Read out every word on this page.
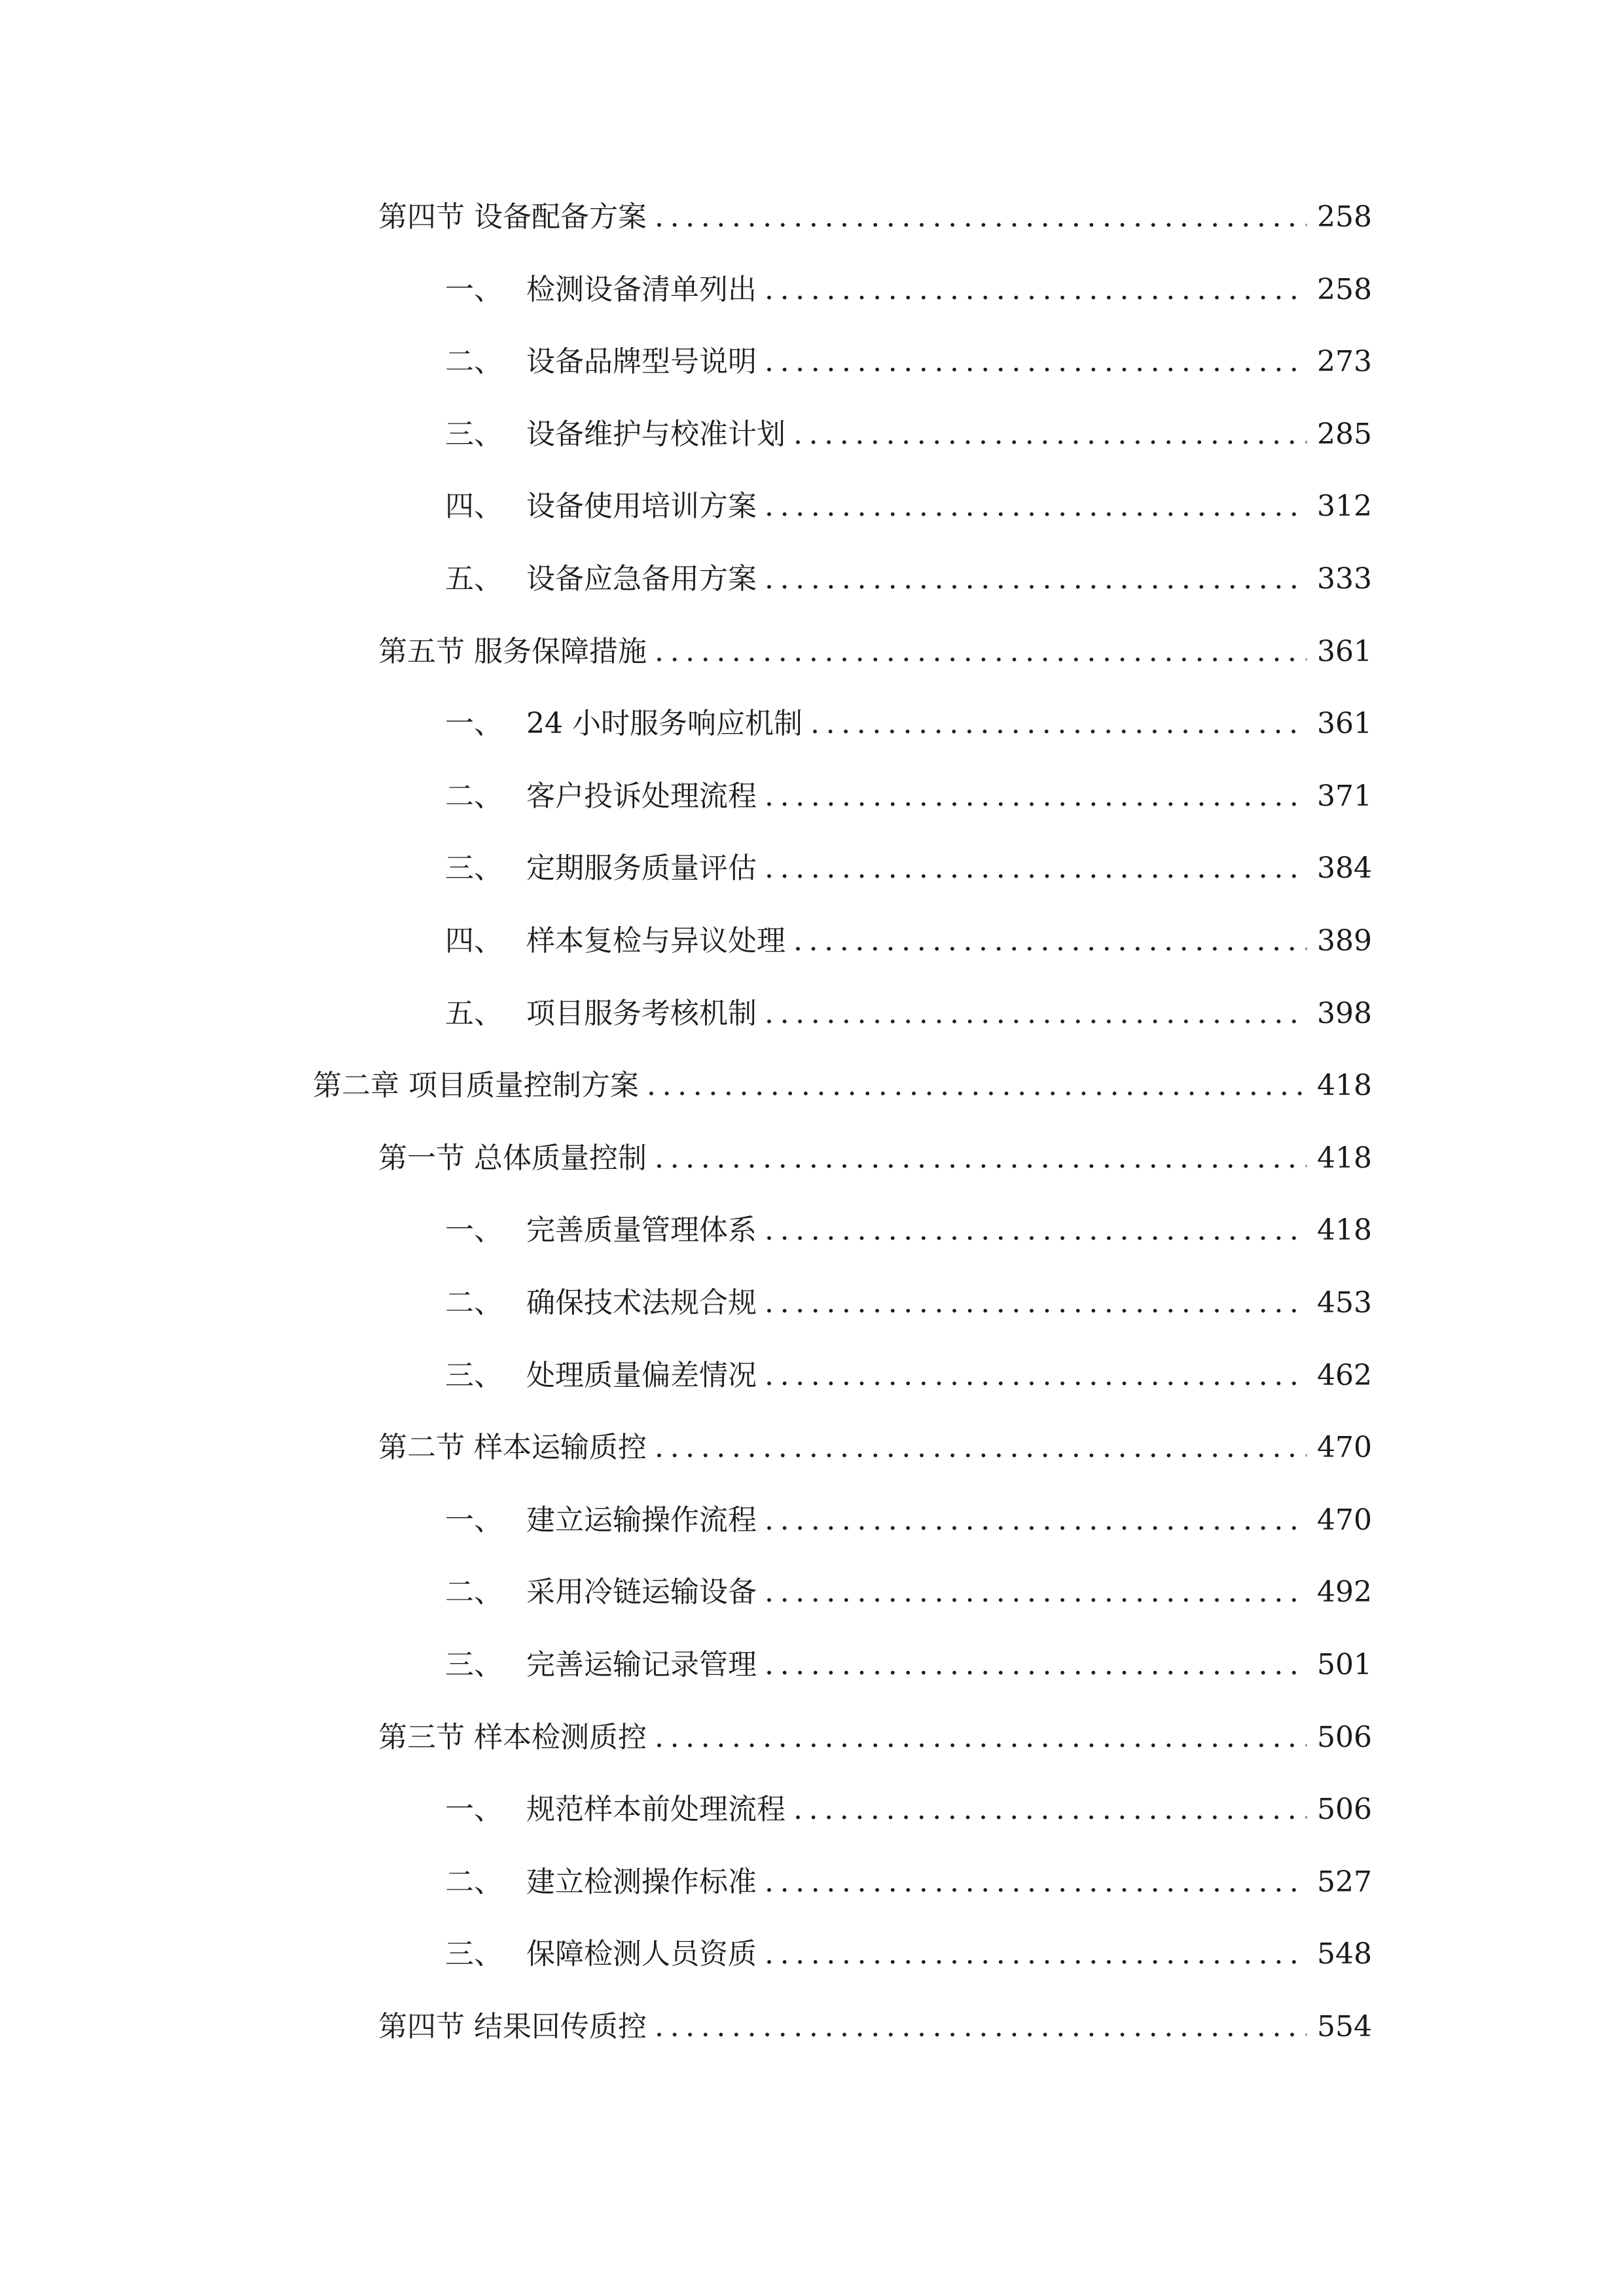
第四节 设备配备方案 .....	258
一、 检测设备清单列出 .....	258
二、 设备品牌型号说明 .....	273
三、 设备维护与校准计划 .....	285
四、 设备使用培训方案 .....	312
五、 设备应急备用方案 .....	333
第五节 服务保障措施 .....	361
一、 24 小时服务响应机制 .....	361
二、 客户投诉处理流程 .....	371
三、 定期服务质量评估 .....	384
四、 样本复检与异议处理 .....	389
五、 项目服务考核机制 .....	398
第二章 项目质量控制方案 .....	418
第一节 总体质量控制 .....	418
一、 完善质量管理体系 .....	418
二、 确保技术法规合规 .....	453
三、 处理质量偏差情况 .....	462
第二节 样本运输质控 .....	470
一、 建立运输操作流程 .....	470
二、 采用冷链运输设备 .....	492
三、 完善运输记录管理 .....	501
第三节 样本检测质控 .....	506
一、 规范样本前处理流程 .....	506
二、 建立检测操作标准 .....	527
三、 保障检测人员资质 .....	548
第四节 结果回传质控 .....	554
